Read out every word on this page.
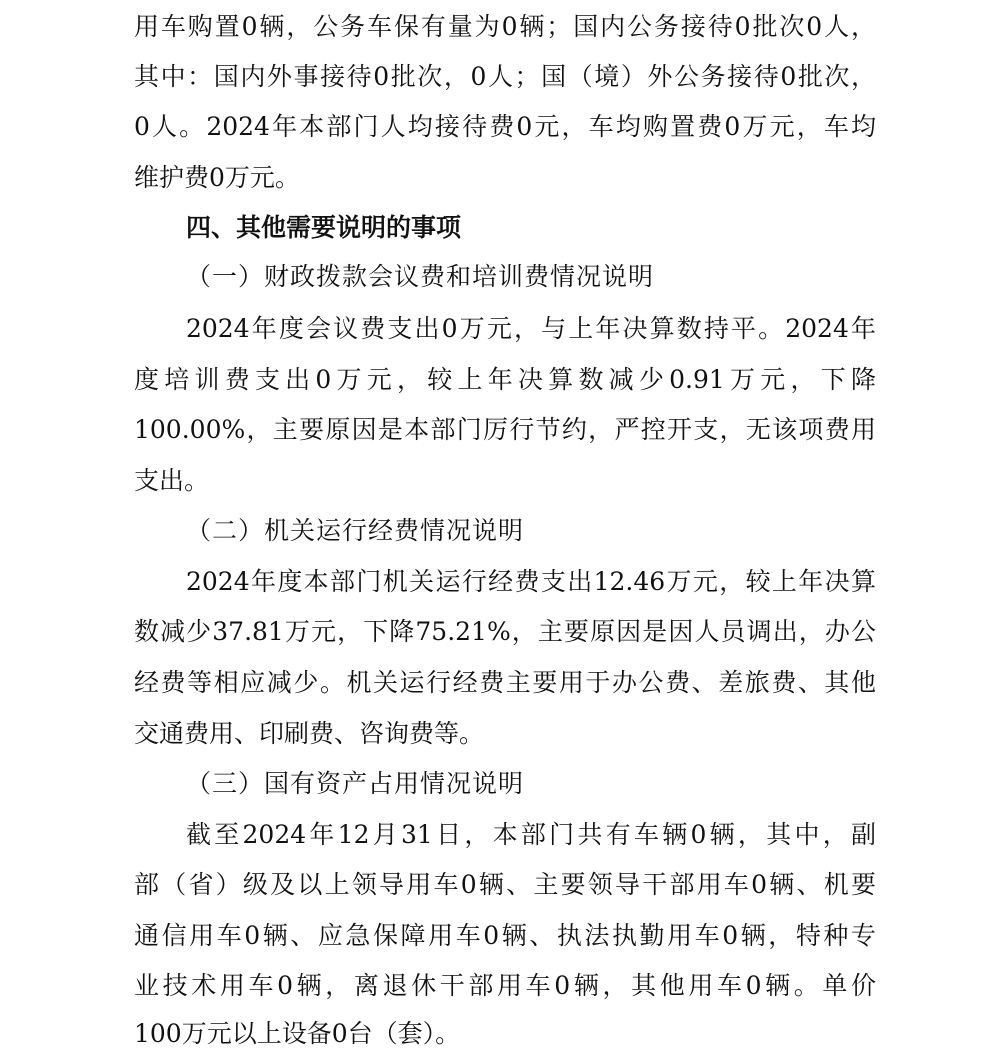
用车购置0辆，公务车保有量为0辆；国内公务接待0批次0人，
其中：国内外事接待0批次，0人；国（境）外公务接待0批次，
0人。2024年本部门人均接待费0元，车均购置费0万元，车均
维护费0万元。
四、其他需要说明的事项
（一）财政拨款会议费和培训费情况说明
2024年度会议费支出0万元，与上年决算数持平。2024年
度培训费支出0万元，较上年决算数减少0.91万元，下降
100.00%，主要原因是本部门厉行节约，严控开支，无该项费用
支出。
（二）机关运行经费情况说明
2024年度本部门机关运行经费支出12.46万元，较上年决算
数减少37.81万元，下降75.21%，主要原因是因人员调出，办公
经费等相应减少。机关运行经费主要用于办公费、差旅费、其他
交通费用、印刷费、咨询费等。
（三）国有资产占用情况说明
截至2024年12月31日，本部门共有车辆0辆，其中，副
部（省）级及以上领导用车0辆、主要领导干部用车0辆、机要
通信用车0辆、应急保障用车0辆、执法执勤用车0辆，特种专
业技术用车0辆，离退休干部用车0辆，其他用车0辆。单价
100万元以上设备0台（套）。
